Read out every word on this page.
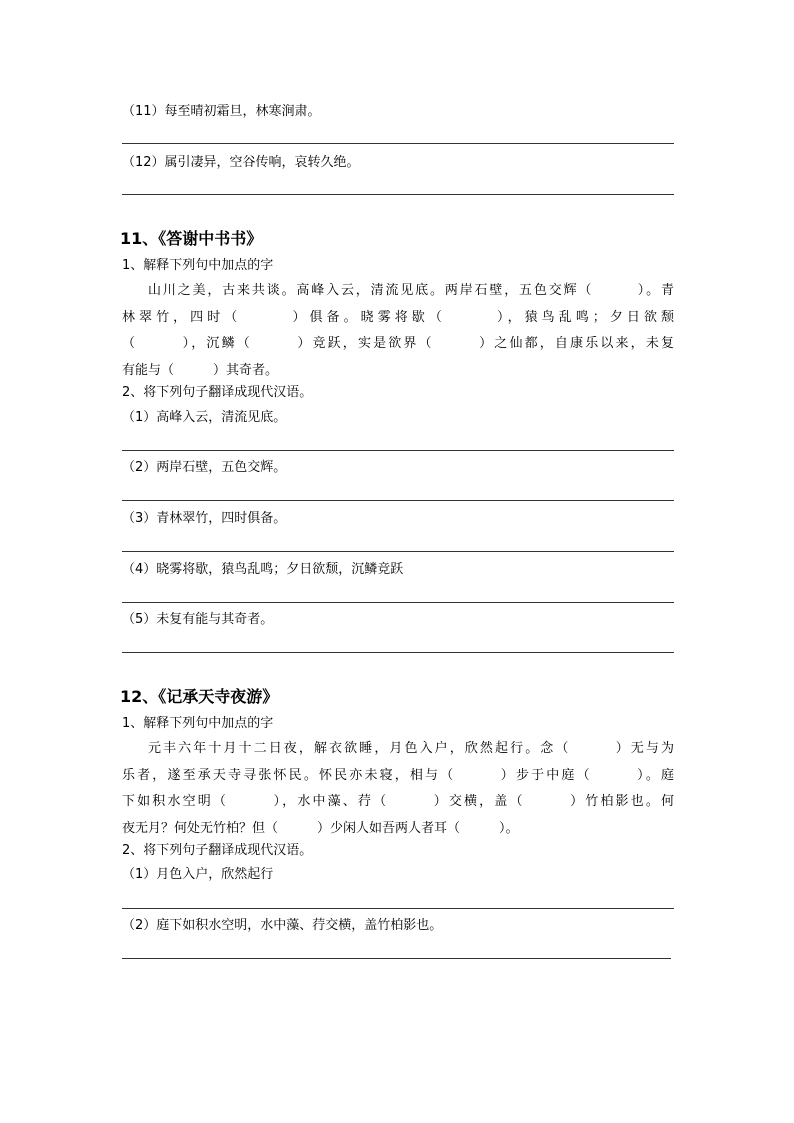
（11）每至晴初霜旦，林寒涧肃。
（12）属引凄异，空谷传响，哀转久绝。
11、《答谢中书书》
1、解释下列句中加点的字
山川之美，古来共谈。高峰入云，清流见底。两岸石壁，五色交辉（　　　）。青
林翠竹，四时（　　　）俱备。晓雾将歇（　　　），猿鸟乱鸣；夕日欲颓
（　　　），沉鳞（　　　）竞跃，实是欲界（　　　）之仙都，自康乐以来，未复
有能与（　　　）其奇者。
2、将下列句子翻译成现代汉语。
（1）高峰入云，清流见底。
（2）两岸石壁，五色交辉。
（3）青林翠竹，四时俱备。
（4）晓雾将歇，猿鸟乱鸣；夕日欲颓，沉鳞竞跃
（5）未复有能与其奇者。
12、《记承天寺夜游》
1、解释下列句中加点的字
元丰六年十月十二日夜，解衣欲睡，月色入户，欣然起行。念（　　　）无与为
乐者，遂至承天寺寻张怀民。怀民亦未寝，相与（　　　）步于中庭（　　　）。庭
下如积水空明（　　　），水中藻、荇（　　　）交横，盖（　　　）竹柏影也。何
夜无月？何处无竹柏？但（　　　）少闲人如吾两人者耳（　　　）。
2、将下列句子翻译成现代汉语。
（1）月色入户，欣然起行
（2）庭下如积水空明，水中藻、荇交横，盖竹柏影也。
